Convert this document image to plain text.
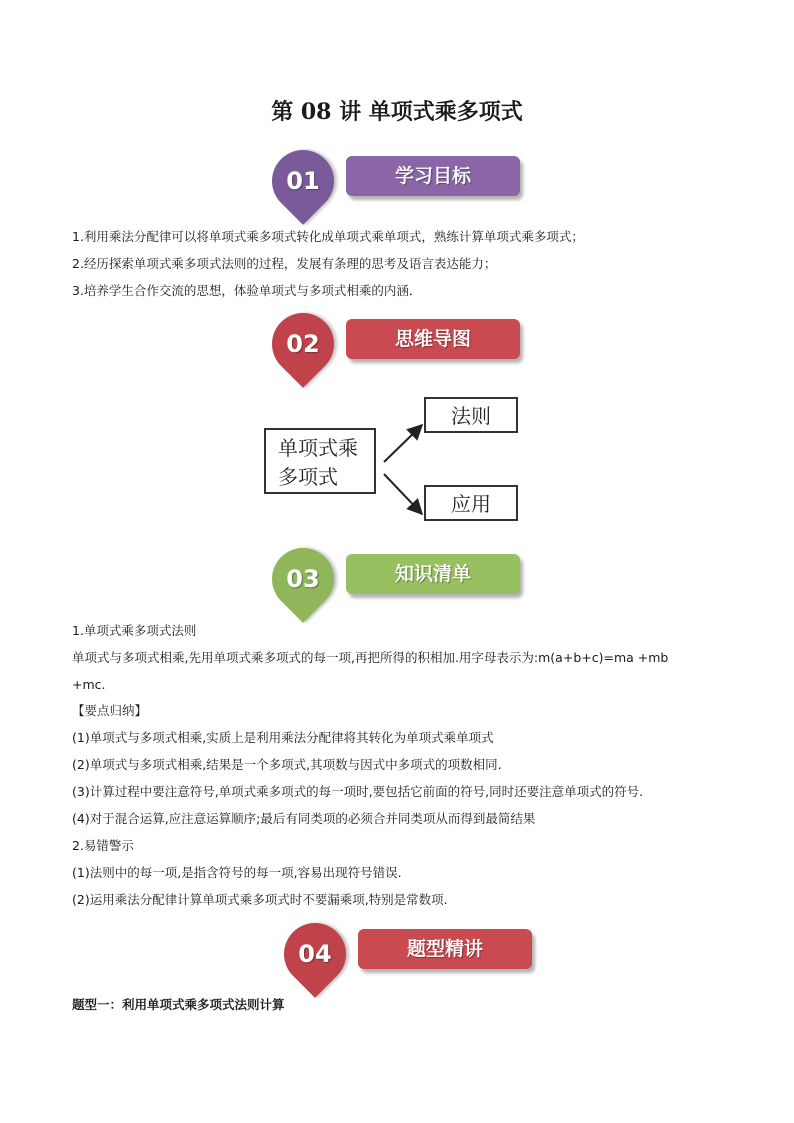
第 08 讲 单项式乘多项式
01	学习目标
1.利用乘法分配律可以将单项式乘多项式转化成单项式乘单项式，熟练计算单项式乘多项式；
2.经历探索单项式乘多项式法则的过程，发展有条理的思考及语言表达能力；
3.培养学生合作交流的思想，体验单项式与多项式相乘的内涵．
02	思维导图
单项式乘
多项式
法则
应用
03	知识清单
1.单项式乘多项式法则
单项式与多项式相乘,先用单项式乘多项式的每一项,再把所得的积相加.用字母表示为:m(a+b+c)=ma +mb
+mc.
【要点归纳】
(1)单项式与多项式相乘,实质上是利用乘法分配律将其转化为单项式乘单项式
(2)单项式与多项式相乘,结果是一个多项式,其项数与因式中多项式的项数相同.
(3)计算过程中要注意符号,单项式乘多项式的每一项时,要包括它前面的符号,同时还要注意单项式的符号.
(4)对于混合运算,应注意运算顺序;最后有同类项的必须合并同类项从而得到最简结果
2.易错警示
(1)法则中的每一项,是指含符号的每一项,容易出现符号错误.
(2)运用乘法分配律计算单项式乘多项式时不要漏乘项,特别是常数项.
04	题型精讲
题型一：利用单项式乘多项式法则计算
